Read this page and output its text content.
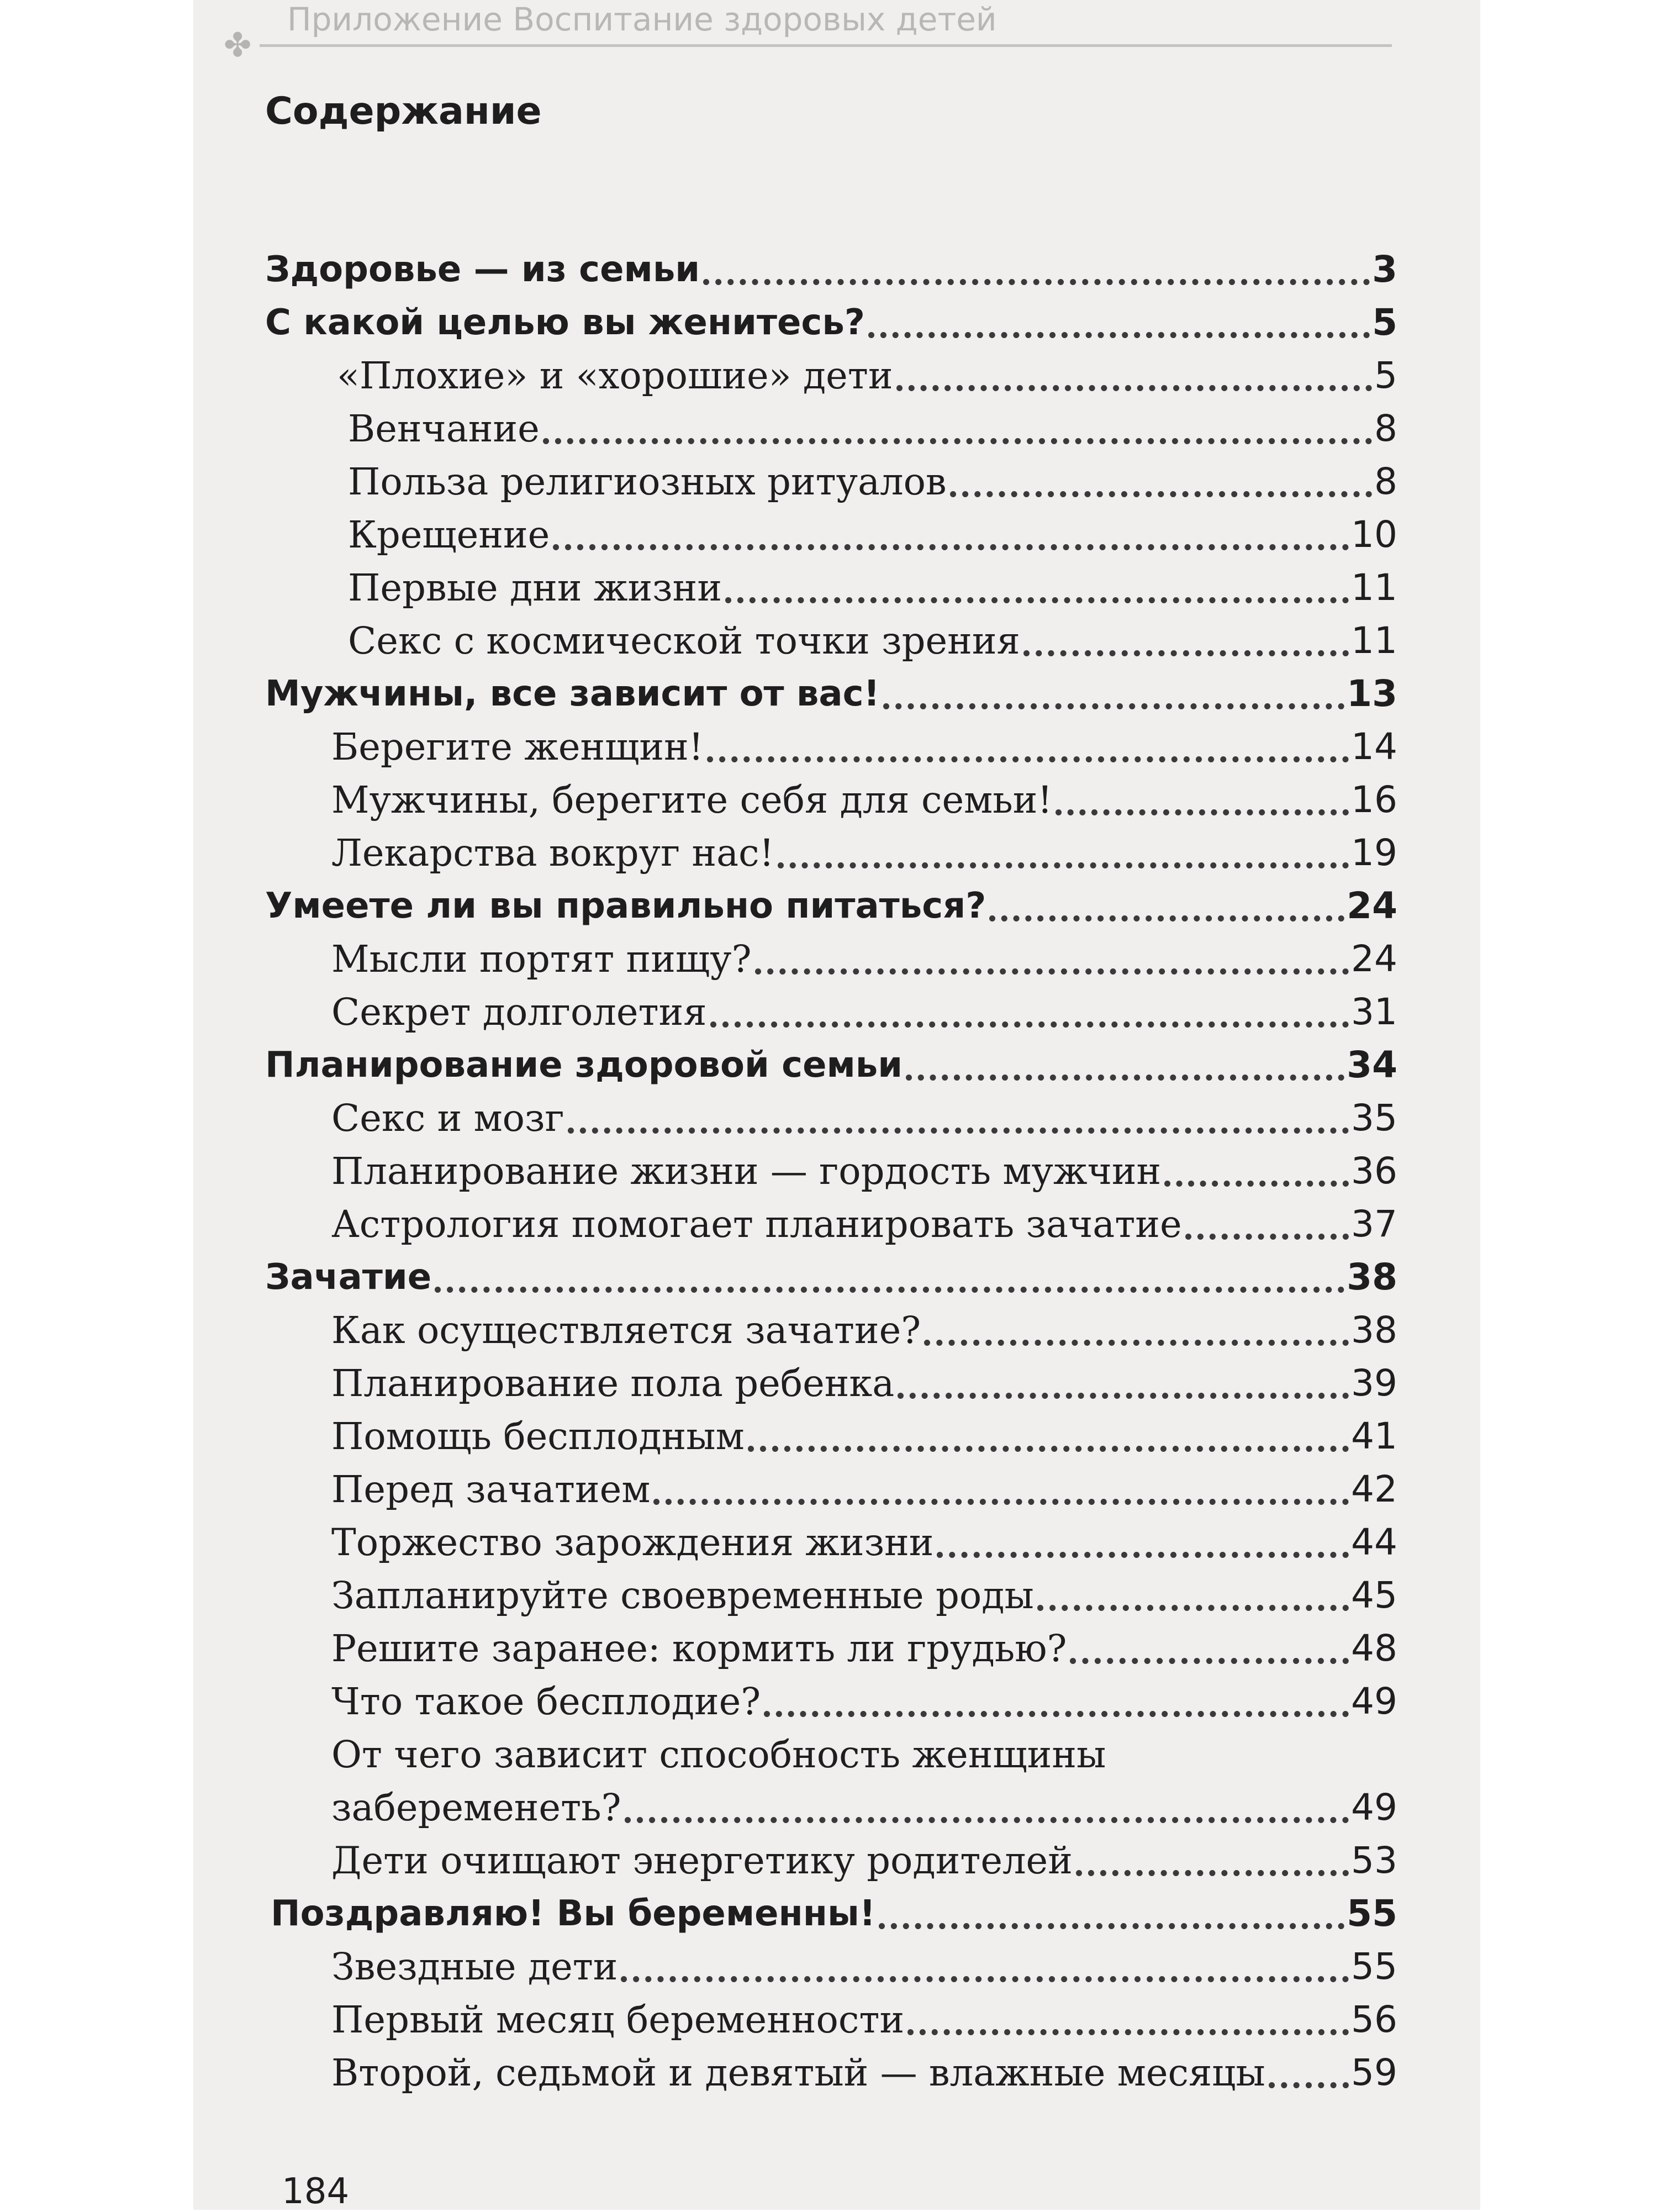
✤
Приложение Воспитание здоровых детей
Содержание
Здоровье — из семьи	3
С какой целью вы женитесь?	5
«Плохие» и «хорошие» дети	5
Венчание	8
Польза религиозных ритуалов	8
Крещение	10
Первые дни жизни	11
Секс с космической точки зрения	11
Мужчины, все зависит от вас!	13
Берегите женщин!	14
Мужчины, берегите себя для семьи!	16
Лекарства вокруг нас!	19
Умеете ли вы правильно питаться?	24
Мысли портят пищу?	24
Секрет долголетия	31
Планирование здоровой семьи	34
Секс и мозг	35
Планирование жизни — гордость мужчин	36
Астрология помогает планировать зачатие	37
Зачатие	38
Как осуществляется зачатие?	38
Планирование пола ребенка	39
Помощь бесплодным	41
Перед зачатием	42
Торжество зарождения жизни	44
Запланируйте своевременные роды	45
Решите заранее: кормить ли грудью?	48
Что такое бесплодие?	49
От чего зависит способность женщины
забеременеть?	49
Дети очищают энергетику родителей	53
Поздравляю! Вы беременны!	55
Звездные дети	55
Первый месяц беременности	56
Второй, седьмой и девятый — влажные месяцы 59
184
